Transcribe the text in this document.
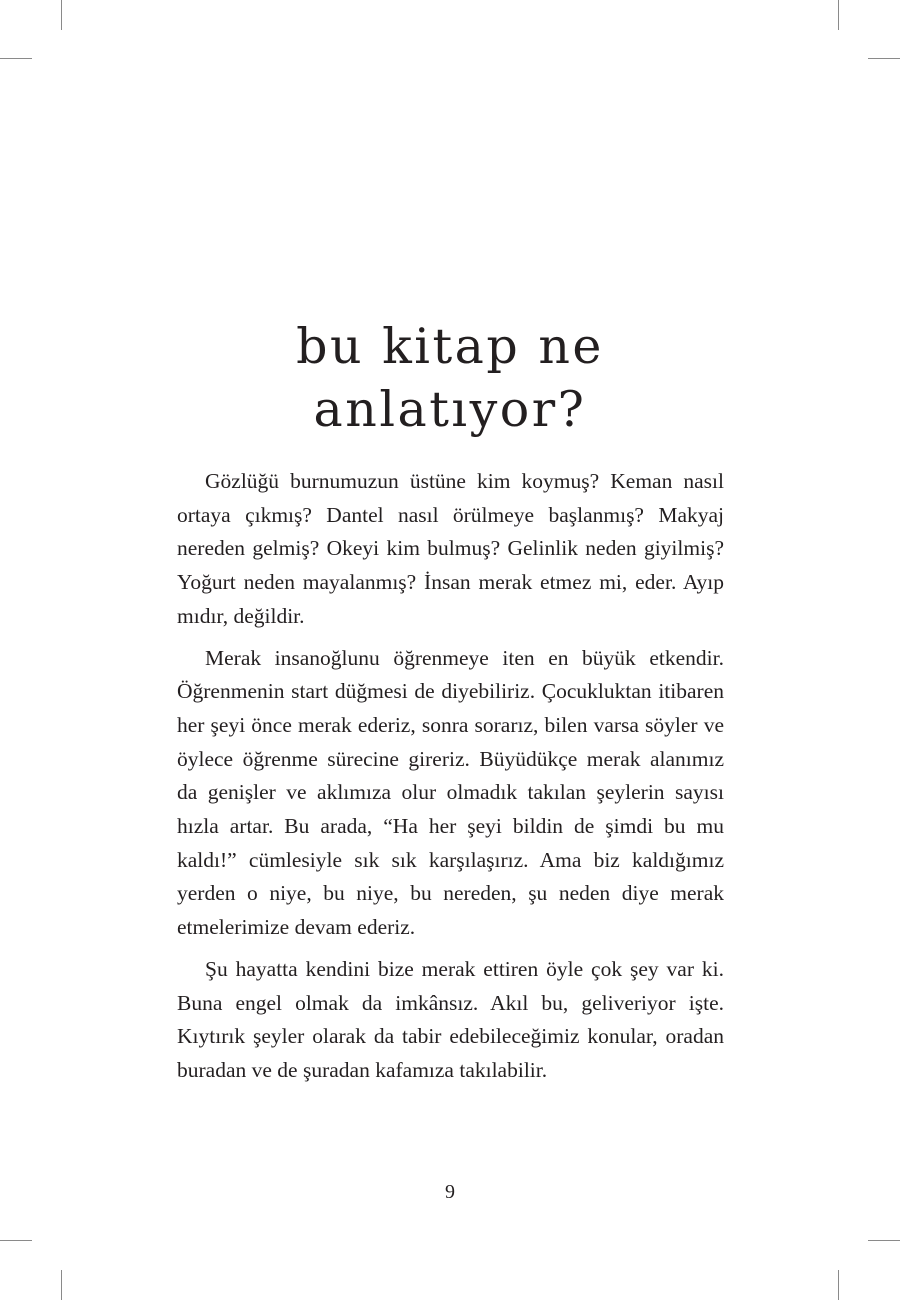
bu kitap ne
anlatıyor?

Gözlüğü burnumuzun üstüne kim koymuş? Keman nasıl ortaya çıkmış? Dantel nasıl örülmeye başlanmış? Makyaj nereden gelmiş? Okeyi kim bulmuş? Gelinlik neden giyilmiş? Yoğurt neden mayalanmış? İnsan merak etmez mi, eder. Ayıp mıdır, değildir.

Merak insanoğlunu öğrenmeye iten en büyük etkendir. Öğrenmenin start düğmesi de diyebiliriz. Çocukluktan itibaren her şeyi önce merak ederiz, sonra sorarız, bilen varsa söyler ve öylece öğrenme sürecine gireriz. Büyüdükçe merak alanımız da genişler ve aklımıza olur olmadık takılan şeylerin sayısı hızla artar. Bu arada, “Ha her şeyi bildin de şimdi bu mu kaldı!” cümlesiyle sık sık karşılaşırız. Ama biz kaldığımız yerden o niye, bu niye, bu nereden, şu neden diye merak etmelerimize devam ederiz.

Şu hayatta kendini bize merak ettiren öyle çok şey var ki. Buna engel olmak da imkânsız. Akıl bu, geliveriyor işte. Kıytırık şeyler olarak da tabir edebileceğimiz konular, oradan buradan ve de şuradan kafamıza takılabilir.

9
